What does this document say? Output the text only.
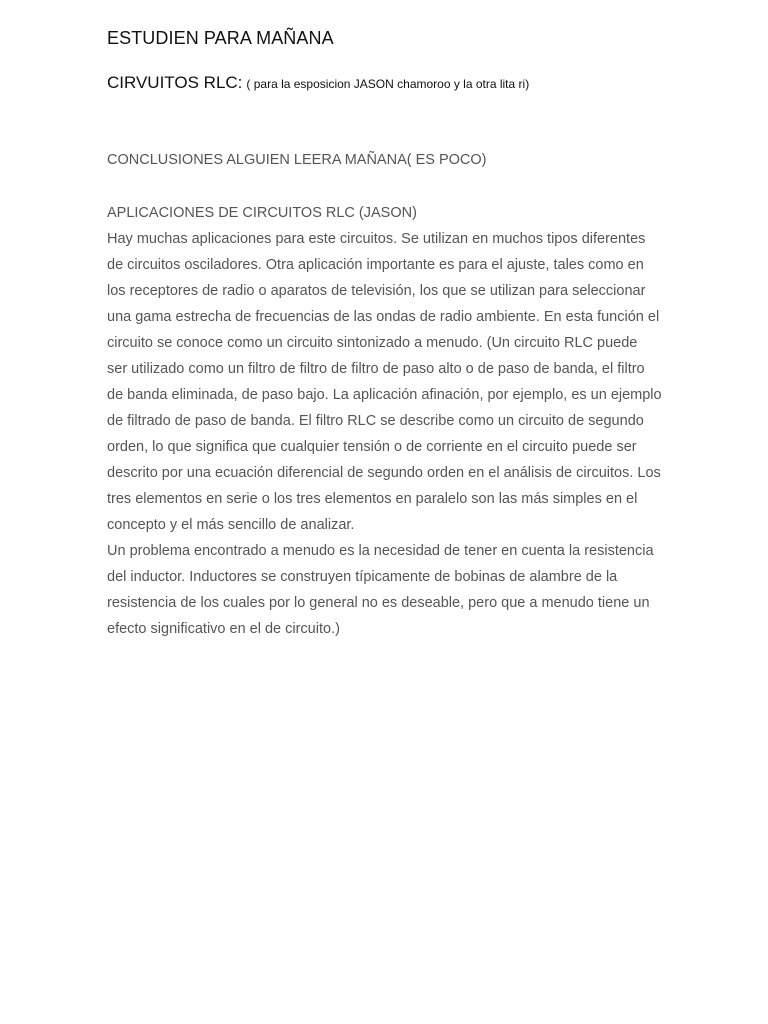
ESTUDIEN PARA MAÑANA
CIRVUITOS RLC: ( para la esposicion JASON chamoroo y la otra lita ri)
CONCLUSIONES ALGUIEN LEERA MAÑANA( ES POCO)
APLICACIONES DE CIRCUITOS RLC (JASON)
Hay muchas aplicaciones para este circuitos. Se utilizan en muchos tipos diferentes
de circuitos osciladores. Otra aplicación importante es para el ajuste, tales como en
los receptores de radio o aparatos de televisión, los que se utilizan para seleccionar
una gama estrecha de frecuencias de las ondas de radio ambiente. En esta función el
circuito se conoce como un circuito sintonizado a menudo. (Un circuito RLC puede
ser utilizado como un filtro de filtro de filtro de paso alto o de paso de banda, el filtro
de banda eliminada, de paso bajo. La aplicación afinación, por ejemplo, es un ejemplo
de filtrado de paso de banda. El filtro RLC se describe como un circuito de segundo
orden, lo que significa que cualquier tensión o de corriente en el circuito puede ser
descrito por una ecuación diferencial de segundo orden en el análisis de circuitos. Los
tres elementos en serie o los tres elementos en paralelo son las más simples en el
concepto y el más sencillo de analizar.
Un problema encontrado a menudo es la necesidad de tener en cuenta la resistencia
del inductor. Inductores se construyen típicamente de bobinas de alambre de la
resistencia de los cuales por lo general no es deseable, pero que a menudo tiene un
efecto significativo en el de circuito.)
